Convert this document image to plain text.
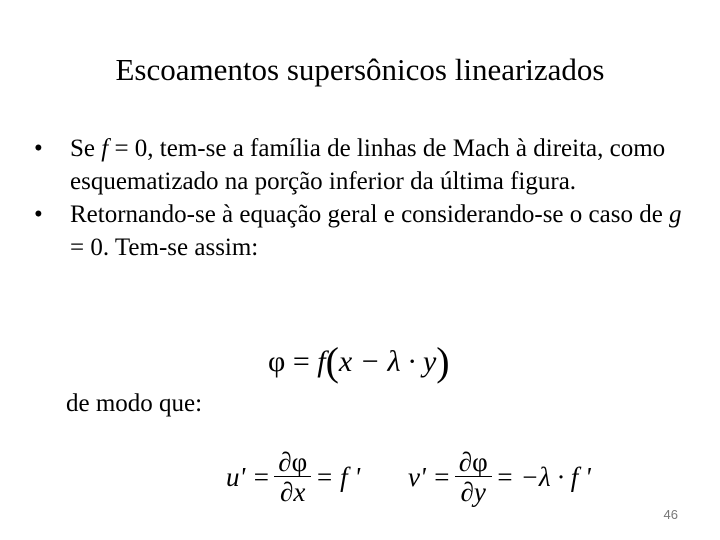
Escoamentos supersônicos linearizados
• Se f = 0, tem-se a família de linhas de Mach à direita, como esquematizado na porção inferior da última figura.
• Retornando-se à equação geral e considerando-se o caso de g = 0. Tem-se assim:
φ = f(x − λ · y)
de modo que:
$u' = \frac{\partial\varphi}{\partial x} = f$ ' $v' = \frac{\partial\varphi}{\partial y} = -\lambda \cdot f$ '
46
